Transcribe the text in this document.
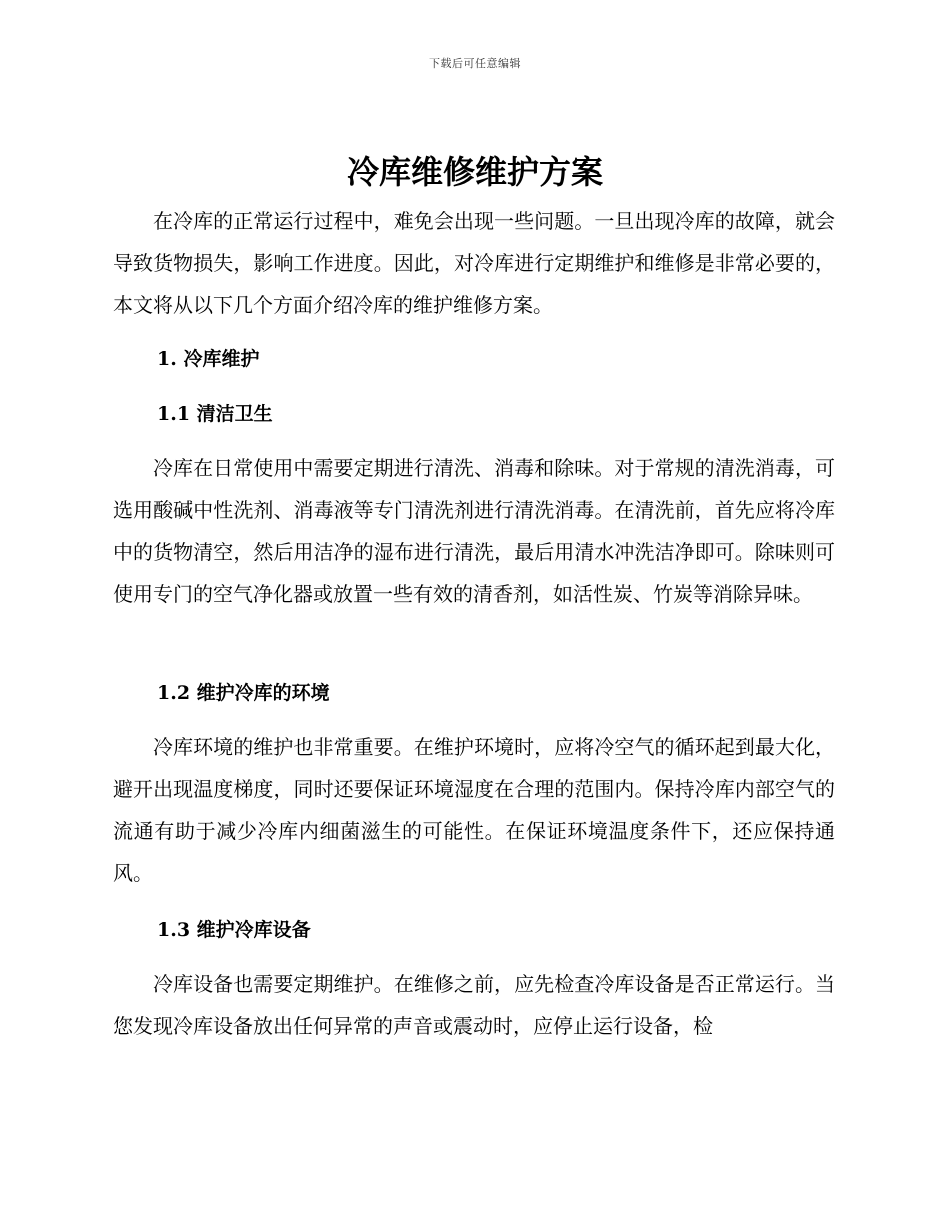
下载后可任意编辑
冷库维修维护方案

在冷库的正常运行过程中，难免会出现一些问题。一旦出现冷库的故障，就会导致货物损失，影响工作进度。因此，对冷库进行定期维护和维修是非常必要的，本文将从以下几个方面介绍冷库的维护维修方案。

1. 冷库维护
1.1 清洁卫生

冷库在日常使用中需要定期进行清洗、消毒和除味。对于常规的清洗消毒，可选用酸碱中性洗剂、消毒液等专门清洗剂进行清洗消毒。在清洗前，首先应将冷库中的货物清空，然后用洁净的湿布进行清洗，最后用清水冲洗洁净即可。除味则可使用专门的空气净化器或放置一些有效的清香剂，如活性炭、竹炭等消除异味。

1.2 维护冷库的环境

冷库环境的维护也非常重要。在维护环境时，应将冷空气的循环起到最大化，避开出现温度梯度，同时还要保证环境湿度在合理的范围内。保持冷库内部空气的流通有助于减少冷库内细菌滋生的可能性。在保证环境温度条件下，还应保持通风。

1.3 维护冷库设备

冷库设备也需要定期维护。在维修之前，应先检查冷库设备是否正常运行。当您发现冷库设备放出任何异常的声音或震动时，应停止运行设备，检
